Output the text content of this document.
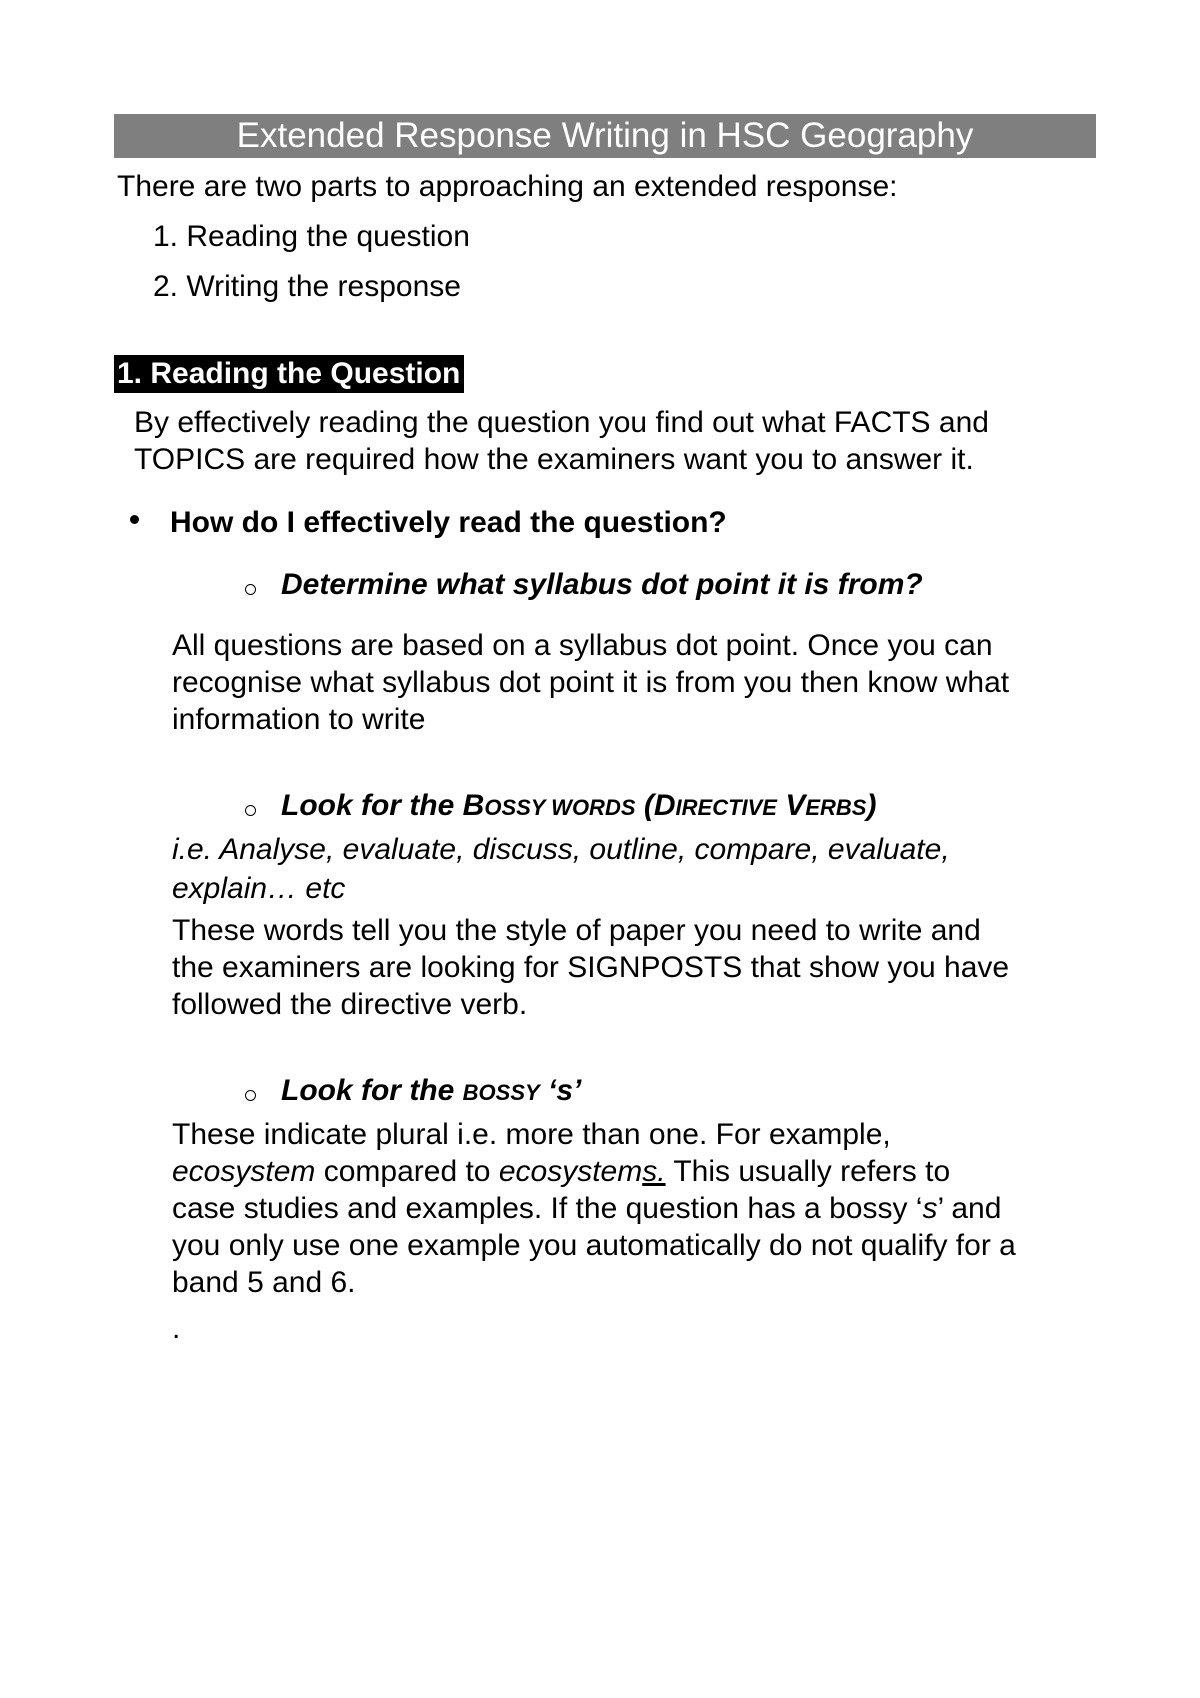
Extended Response Writing in HSC Geography
There are two parts to approaching an extended response:
1. Reading the question
2. Writing the response
1. Reading the Question
By effectively reading the question you find out what FACTS and
TOPICS are required how the examiners want you to answer it.
How do I effectively read the question?
Determine what syllabus dot point it is from?
All questions are based on a syllabus dot point. Once you can
recognise what syllabus dot point it is from you then know what
information to write
Look for the BOSSY WORDS (DIRECTIVE VERBS)
i.e. Analyse, evaluate, discuss, outline, compare, evaluate,
explain… etc
These words tell you the style of paper you need to write and
the examiners are looking for SIGNPOSTS that show you have
followed the directive verb.
Look for the BOSSY ‘s’
These indicate plural i.e. more than one. For example,
ecosystem compared to ecosystems. This usually refers to
case studies and examples. If the question has a bossy ‘s’ and
you only use one example you automatically do not qualify for a
band 5 and 6.
.
